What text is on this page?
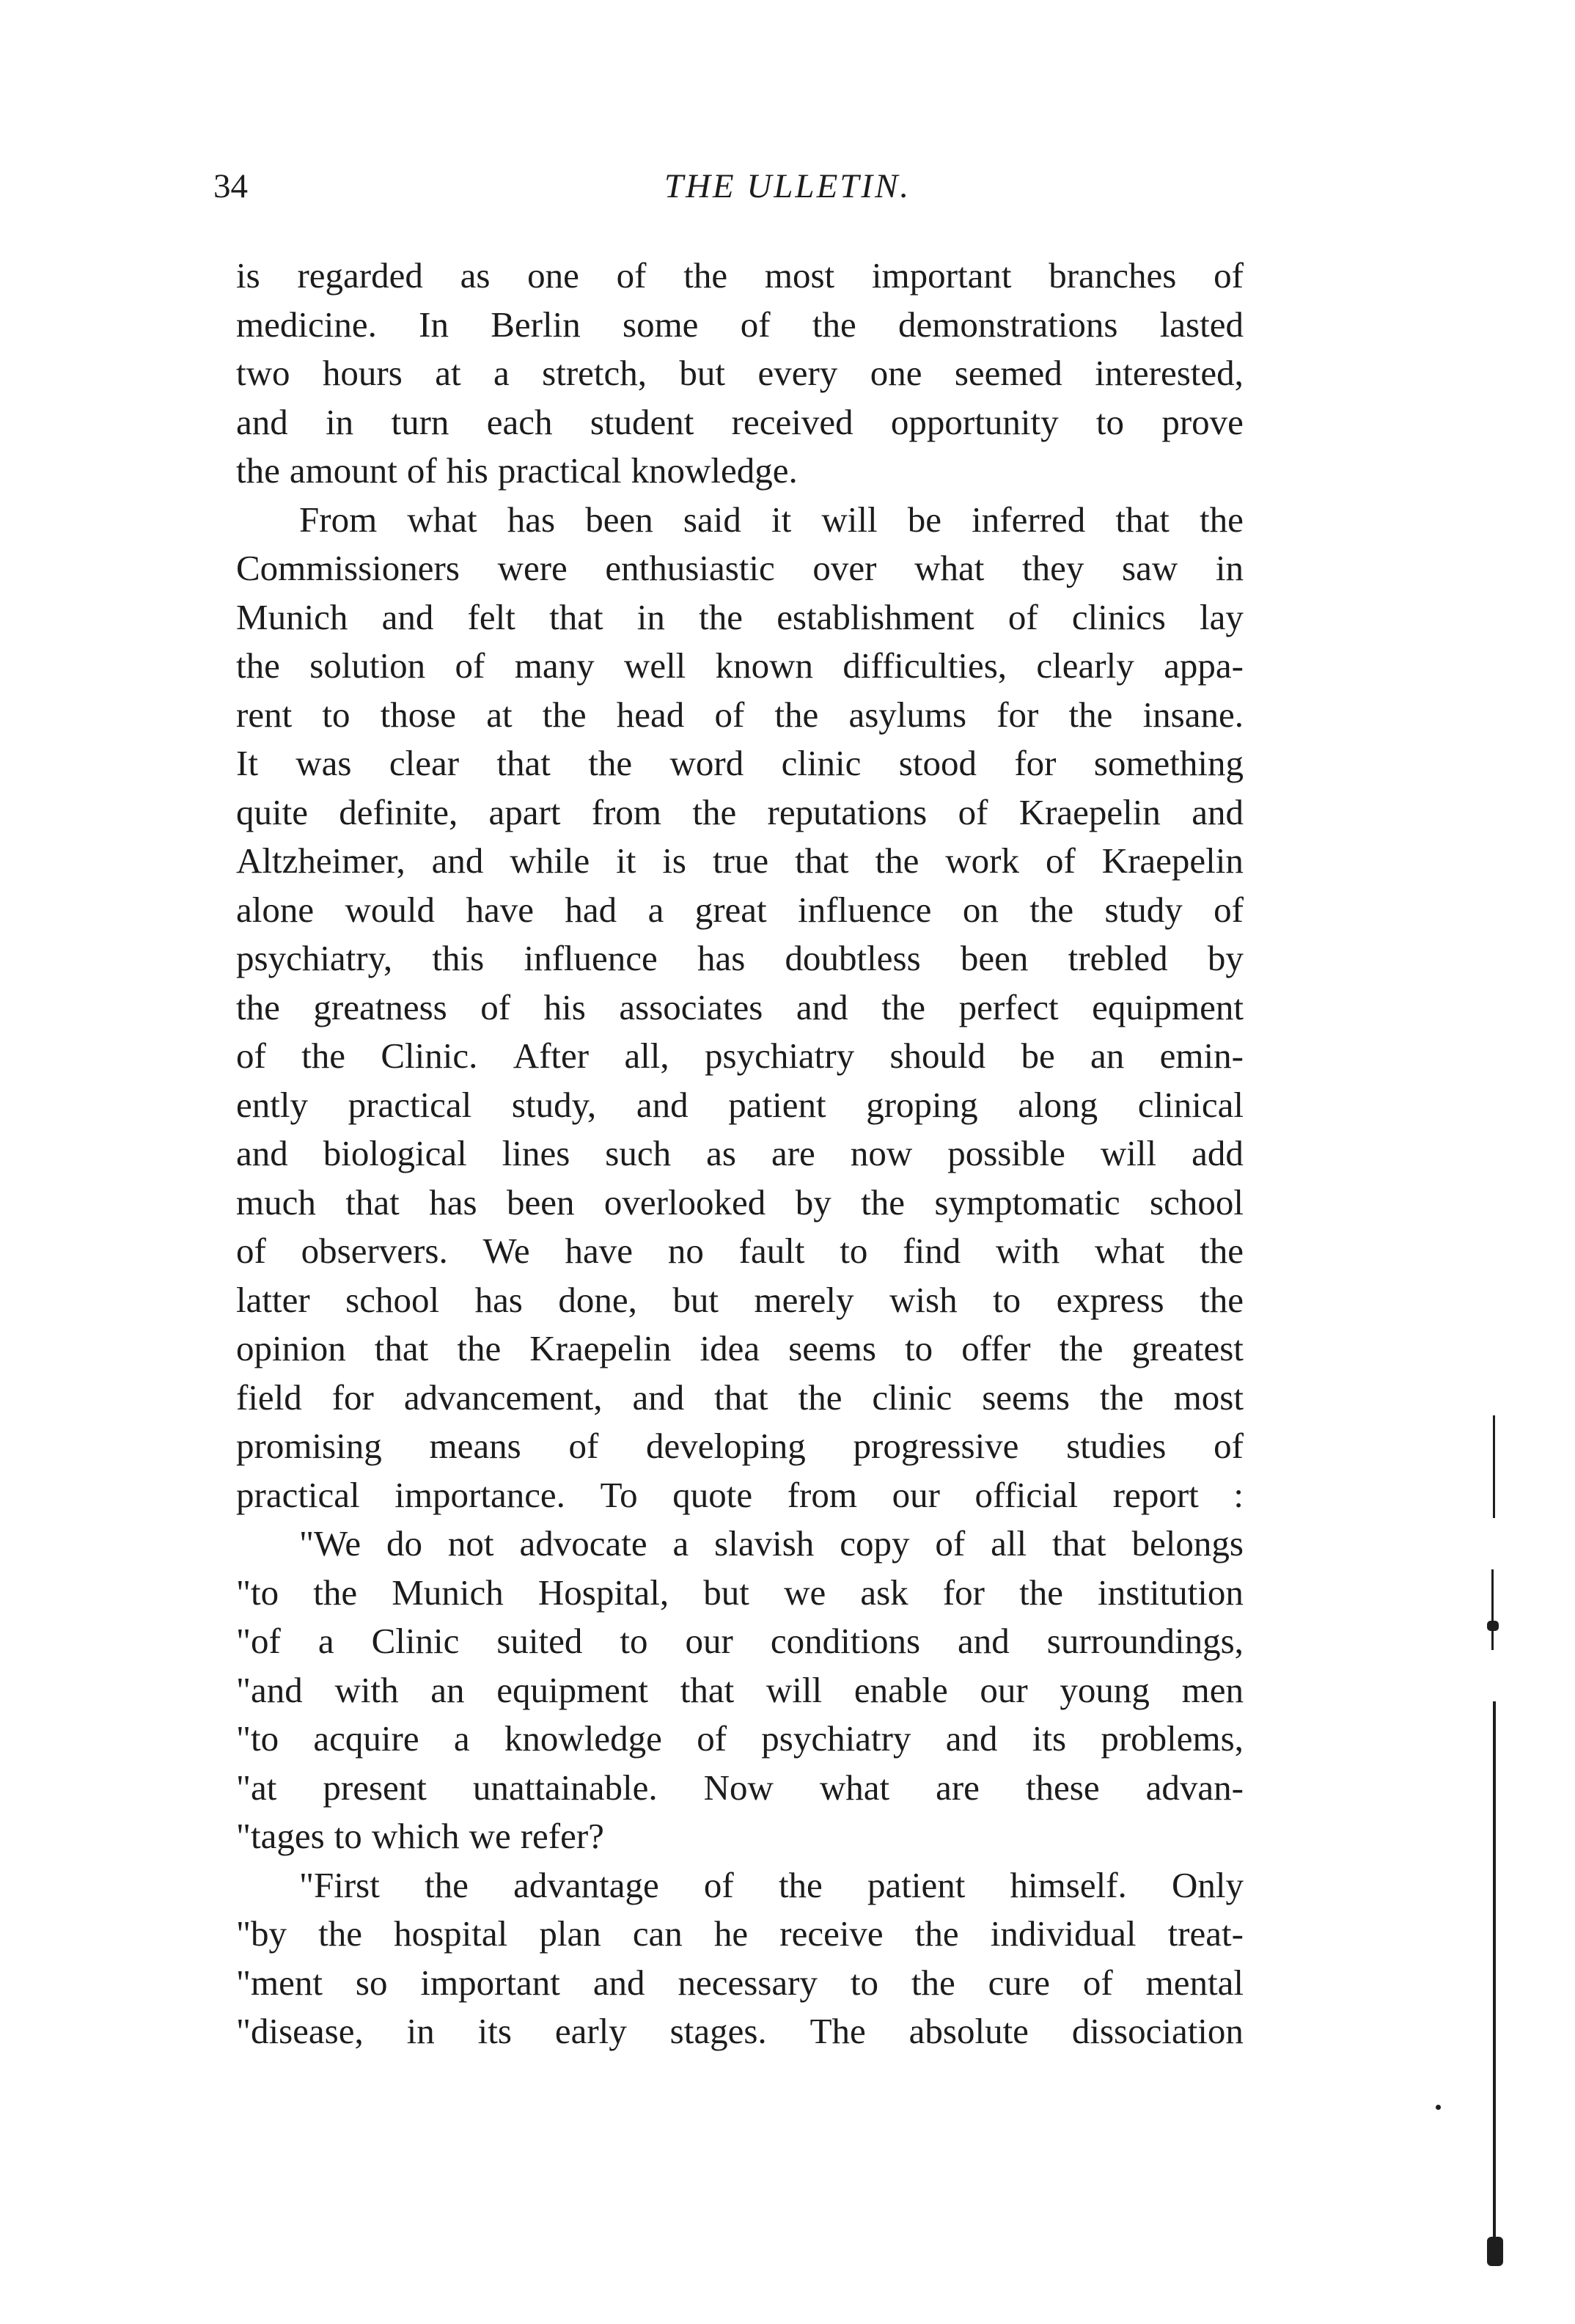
34	THE ULLETIN.
is regarded as one of the most important branches of
medicine. In Berlin some of the demonstrations lasted
two hours at a stretch, but every one seemed interested,
and in turn each student received opportunity to prove
the amount of his practical knowledge.
From what has been said it will be inferred that the
Commissioners were enthusiastic over what they saw in
Munich and felt that in the establishment of clinics lay
the solution of many well known difficulties, clearly appa-
rent to those at the head of the asylums for the insane.
It was clear that the word clinic stood for something
quite definite, apart from the reputations of Kraepelin and
Altzheimer, and while it is true that the work of Kraepelin
alone would have had a great influence on the study of
psychiatry, this influence has doubtless been trebled by
the greatness of his associates and the perfect equipment
of the Clinic. After all, psychiatry should be an emin-
ently practical study, and patient groping along clinical
and biological lines such as are now possible will add
much that has been overlooked by the symptomatic school
of observers. We have no fault to find with what the
latter school has done, but merely wish to express the
opinion that the Kraepelin idea seems to offer the greatest
field for advancement, and that the clinic seems the most
promising means of developing progressive studies of
practical importance. To quote from our official report :
"We do not advocate a slavish copy of all that belongs
"to the Munich Hospital, but we ask for the institution
"of a Clinic suited to our conditions and surroundings,
"and with an equipment that will enable our young men
"to acquire a knowledge of psychiatry and its problems,
"at present unattainable. Now what are these advan-
"tages to which we refer?
"First the advantage of the patient himself. Only
"by the hospital plan can he receive the individual treat-
"ment so important and necessary to the cure of mental
"disease, in its early stages. The absolute dissociation
